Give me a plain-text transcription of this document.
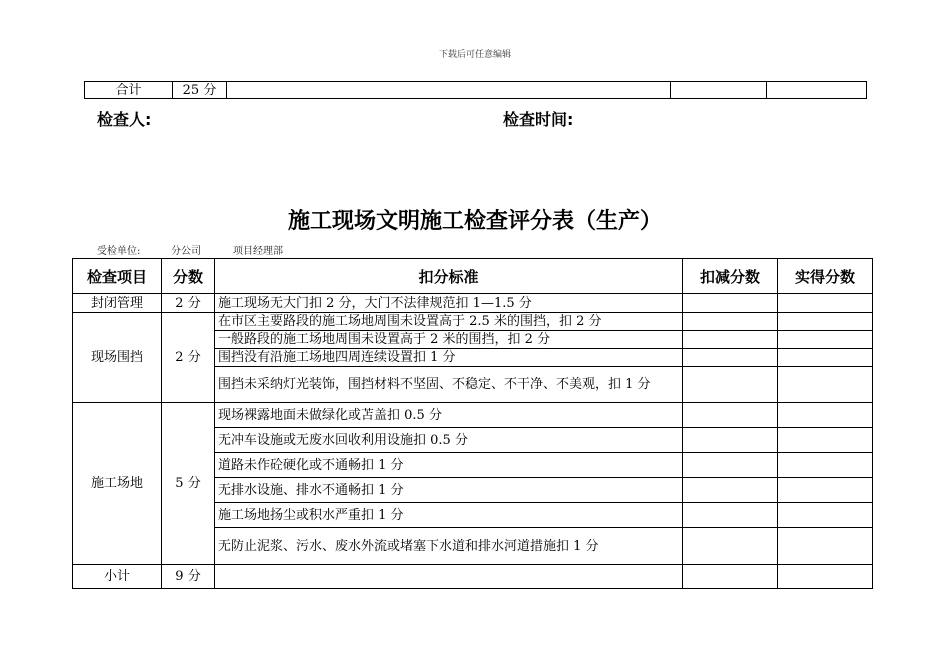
下载后可任意编辑
合计	25 分			
检查人:	检查时间:
施工现场文明施工检查评分表（生产）
受检单位:	分公司	项目经理部
检查项目	分数	扣分标准	扣减分数	实得分数
封闭管理	2 分	施工现场无大门扣 2 分，大门不法律规范扣 1—1.5 分		
现场围挡	2 分	在市区主要路段的施工场地周围未设置高于 2.5 米的围挡，扣 2 分		
		一般路段的施工场地周围未设置高于 2 米的围挡，扣 2 分		
		围挡没有沿施工场地四周连续设置扣 1 分		
		围挡未采纳灯光装饰，围挡材料不坚固、不稳定、不干净、不美观，扣 1 分		
施工场地	5 分	现场裸露地面未做绿化或苫盖扣 0.5 分		
		无冲车设施或无废水回收利用设施扣 0.5 分		
		道路未作砼硬化或不通畅扣 1 分		
		无排水设施、排水不通畅扣 1 分		
		施工场地扬尘或积水严重扣 1 分		
		无防止泥浆、污水、废水外流或堵塞下水道和排水河道措施扣 1 分		
小计	9 分			
